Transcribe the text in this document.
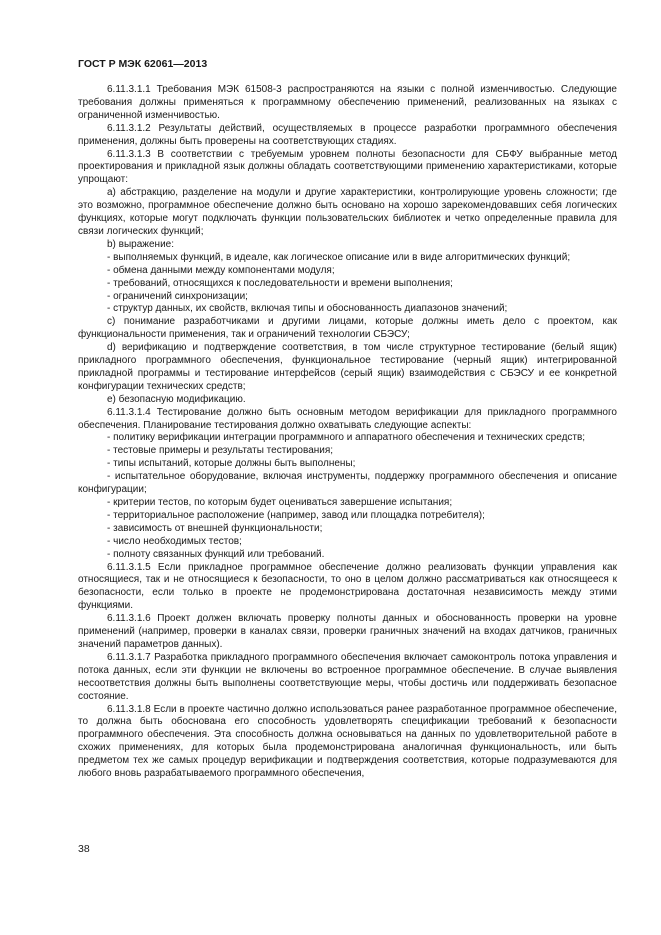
ГОСТ Р МЭК 62061—2013

6.11.3.1.1 Требования МЭК 61508-3 распространяются на языки с полной изменчивостью. Следующие требования должны применяться к программному обеспечению применений, реализованных на языках с ограниченной изменчивостью.

6.11.3.1.2 Результаты действий, осуществляемых в процессе разработки программного обеспечения применения, должны быть проверены на соответствующих стадиях.

6.11.3.1.3 В соответствии с требуемым уровнем полноты безопасности для СБФУ выбранные метод проектирования и прикладной язык должны обладать соответствующими применению характеристиками, которые упрощают:

a) абстракцию, разделение на модули и другие характеристики, контролирующие уровень сложности; где это возможно, программное обеспечение должно быть основано на хорошо зарекомендовавших себя логических функциях, которые могут подключать функции пользовательских библиотек и четко определенные правила для связи логических функций;

b) выражение:

- выполняемых функций, в идеале, как логическое описание или в виде алгоритмических функций;

- обмена данными между компонентами модуля;

- требований, относящихся к последовательности и времени выполнения;

- ограничений синхронизации;

- структур данных, их свойств, включая типы и обоснованность диапазонов значений;

c) понимание разработчиками и другими лицами, которые должны иметь дело с проектом, как функциональности применения, так и ограничений технологии СБЭСУ;

d) верификацию и подтверждение соответствия, в том числе структурное тестирование (белый ящик) прикладного программного обеспечения, функциональное тестирование (черный ящик) интегрированной прикладной программы и тестирование интерфейсов (серый ящик) взаимодействия с СБЭСУ и ее конкретной конфигурации технических средств;

e) безопасную модификацию.

6.11.3.1.4 Тестирование должно быть основным методом верификации для прикладного программного обеспечения. Планирование тестирования должно охватывать следующие аспекты:

- политику верификации интеграции программного и аппаратного обеспечения и технических средств;

- тестовые примеры и результаты тестирования;

- типы испытаний, которые должны быть выполнены;

- испытательное оборудование, включая инструменты, поддержку программного обеспечения и описание конфигурации;

- критерии тестов, по которым будет оцениваться завершение испытания;

- территориальное расположение (например, завод или площадка потребителя);

- зависимость от внешней функциональности;

- число необходимых тестов;

- полноту связанных функций или требований.

6.11.3.1.5 Если прикладное программное обеспечение должно реализовать функции управления как относящиеся, так и не относящиеся к безопасности, то оно в целом должно рассматриваться как относящееся к безопасности, если только в проекте не продемонстрирована достаточная независимость между этими функциями.

6.11.3.1.6 Проект должен включать проверку полноты данных и обоснованность проверки на уровне применений (например, проверки в каналах связи, проверки граничных значений на входах датчиков, граничных значений параметров данных).

6.11.3.1.7 Разработка прикладного программного обеспечения включает самоконтроль потока управления и потока данных, если эти функции не включены во встроенное программное обеспечение. В случае выявления несоответствия должны быть выполнены соответствующие меры, чтобы достичь или поддерживать безопасное состояние.

6.11.3.1.8 Если в проекте частично должно использоваться ранее разработанное программное обеспечение, то должна быть обоснована его способность удовлетворять спецификации требований к безопасности программного обеспечения. Эта способность должна основываться на данных по удовлетворительной работе в схожих применениях, для которых была продемонстрирована аналогичная функциональность, или быть предметом тех же самых процедур верификации и подтверждения соответствия, которые подразумеваются для любого вновь разрабатываемого программного обеспечения,

38
